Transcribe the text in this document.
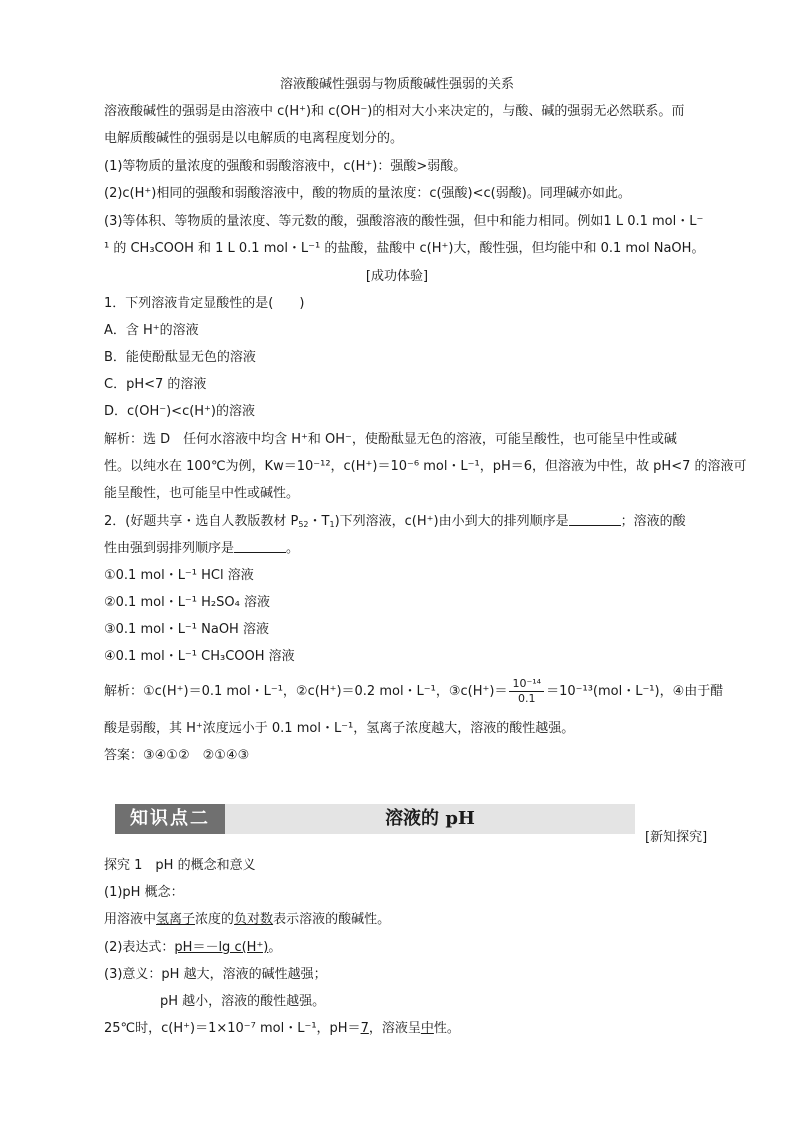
溶液酸碱性强弱与物质酸碱性强弱的关系
溶液酸碱性的强弱是由溶液中 c(H⁺)和 c(OH⁻)的相对大小来决定的，与酸、碱的强弱无必然联系。而
电解质酸碱性的强弱是以电解质的电离程度划分的。
(1)等物质的量浓度的强酸和弱酸溶液中，c(H⁺)：强酸>弱酸。
(2)c(H⁺)相同的强酸和弱酸溶液中，酸的物质的量浓度：c(强酸)<c(弱酸)。同理碱亦如此。
(3)等体积、等物质的量浓度、等元数的酸，强酸溶液的酸性强，但中和能力相同。例如1 L 0.1 mol・L⁻
¹ 的 CH₃COOH 和 1 L 0.1 mol・L⁻¹ 的盐酸，盐酸中 c(H⁺)大，酸性强，但均能中和 0.1 mol NaOH。
[成功体验]
1．下列溶液肯定显酸性的是(　　)
A．含 H⁺的溶液
B．能使酚酞显无色的溶液
C．pH<7 的溶液
D．c(OH⁻)<c(H⁺)的溶液
解析：选 D　任何水溶液中均含 H⁺和 OH⁻，使酚酞显无色的溶液，可能呈酸性，也可能呈中性或碱
性。以纯水在 100℃为例，Kw＝10⁻¹²，c(H⁺)＝10⁻⁶ mol・L⁻¹，pH＝6，但溶液为中性，故 pH<7 的溶液可
能呈酸性，也可能呈中性或碱性。
2．(好题共享・选自人教版教材 $P_{52}$・$T_1$)下列溶液，c(H⁺)由小到大的排列顺序是	；溶液的酸
性由强到弱排列顺序是	。
①0.1 mol・L⁻¹ HCl 溶液
②0.1 mol・L⁻¹ H₂SO₄ 溶液
③0.1 mol・L⁻¹ NaOH 溶液
④0.1 mol・L⁻¹ CH₃COOH 溶液
解析：①c(H⁺)＝0.1 mol・L⁻¹，②c(H⁺)＝0.2 mol・L⁻¹，③c(H⁺)＝ $\frac{\text{10⁻¹⁴}}{0.1} =10^{-13}(mol$・L⁻¹)，④由于醋
酸是弱酸，其 H⁺浓度远小于 0.1 mol・L⁻¹，氢离子浓度越大，溶液的酸性越强。
答案：③④①②　②①④③
知识点二	溶液的 pH
[新知探究]
探究 1　pH 的概念和意义
(1)pH 概念：
用溶液中氢离子浓度的负对数表示溶液的酸碱性。
(2)表达式：pH＝－lg c(H⁺)。
(3)意义：pH 越大，溶液的碱性越强；
pH 越小，溶液的酸性越强。
25℃时，c(H⁺)＝1×10⁻⁷ mol・L⁻¹，pH＝7，溶液呈中性。
